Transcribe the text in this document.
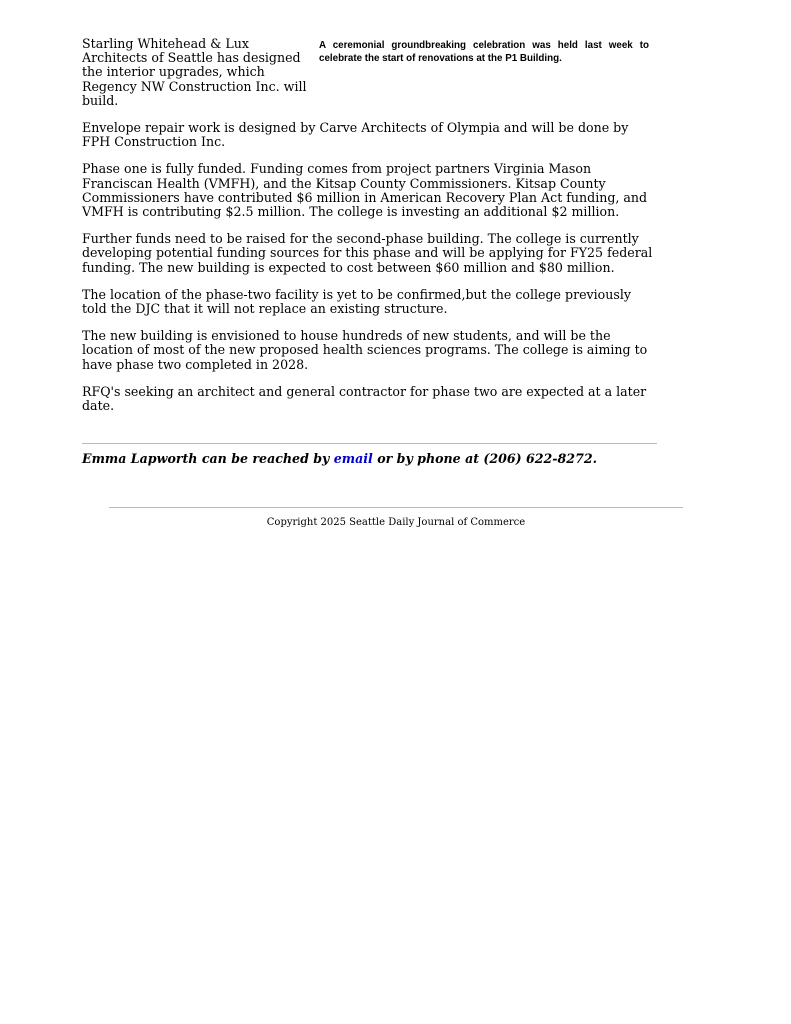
Starling Whitehead & Lux Architects of Seattle has designed the interior upgrades, which Regency NW Construction Inc. will build.
A ceremonial groundbreaking celebration was held last week to celebrate the start of renovations at the P1 Building.

Envelope repair work is designed by Carve Architects of Olympia and will be done by FPH Construction Inc.

Phase one is fully funded. Funding comes from project partners Virginia Mason Franciscan Health (VMFH), and the Kitsap County Commissioners. Kitsap County Commissioners have contributed $6 million in American Recovery Plan Act funding, and VMFH is contributing $2.5 million. The college is investing an additional $2 million.

Further funds need to be raised for the second-phase building. The college is currently developing potential funding sources for this phase and will be applying for FY25 federal funding. The new building is expected to cost between $60 million and $80 million.

The location of the phase-two facility is yet to be confirmed,but the college previously told the DJC that it will not replace an existing structure.

The new building is envisioned to house hundreds of new students, and will be the location of most of the new proposed health sciences programs. The college is aiming to have phase two completed in 2028.

RFQ's seeking an architect and general contractor for phase two are expected at a later date.

Emma Lapworth can be reached by email or by phone at (206) 622-8272.
Copyright 2025 Seattle Daily Journal of Commerce
